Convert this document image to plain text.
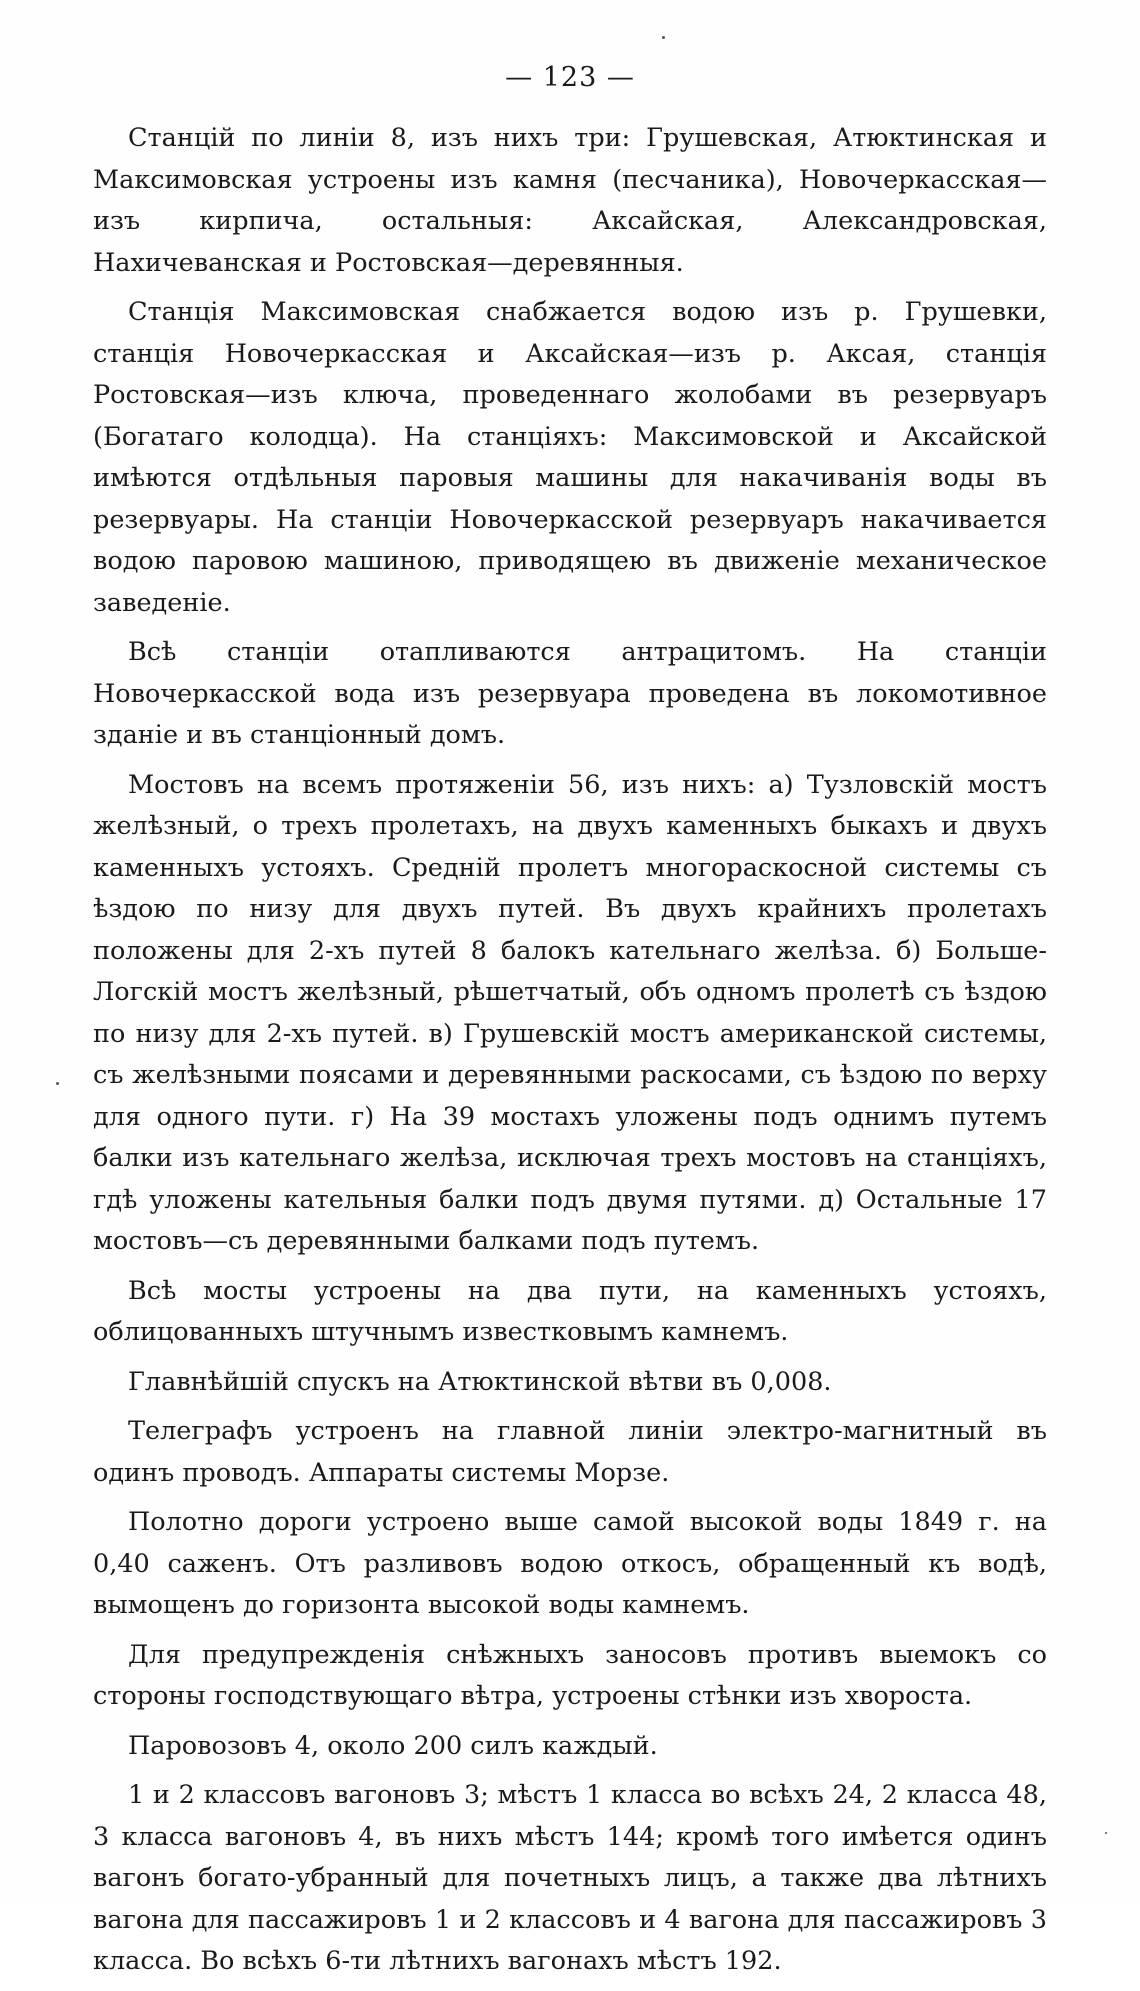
— 123 —

Станцій по линіи 8, изъ нихъ три: Грушевская, Атюктинская и Максимовская устроены изъ камня (песчаника), Новочеркасская—изъ кирпича, остальныя: Аксайская, Александровская, Нахичеванская и Ростовская—деревянныя.

Станція Максимовская снабжается водою изъ р. Грушевки, станція Новочеркасская и Аксайская—изъ р. Аксая, станція Ростовская—изъ ключа, проведеннаго жолобами въ резервуаръ (Богатаго колодца). На станціяхъ: Максимовской и Аксайской имѣются отдѣльныя паровыя машины для накачиванія воды въ резервуары. На станціи Новочеркасской резервуаръ накачивается водою паровою машиною, приводящею въ движеніе механическое заведеніе.

Всѣ станціи отапливаются антрацитомъ. На станціи Новочеркасской вода изъ резервуара проведена въ локомотивное зданіе и въ станціонный домъ.

Мостовъ на всемъ протяженіи 56, изъ нихъ: а) Тузловскій мостъ желѣзный, о трехъ пролетахъ, на двухъ каменныхъ быкахъ и двухъ каменныхъ устояхъ. Средній пролетъ многораскосной системы съ ѣздою по низу для двухъ путей. Въ двухъ крайнихъ пролетахъ положены для 2-хъ путей 8 балокъ кательнаго желѣза. б) Больше-Логскій мостъ желѣзный, рѣшетчатый, объ одномъ пролетѣ съ ѣздою по низу для 2-хъ путей. в) Грушевскій мостъ американской системы, съ желѣзными поясами и деревянными раскосами, съ ѣздою по верху для одного пути. г) На 39 мостахъ уложены подъ однимъ путемъ балки изъ кательнаго желѣза, исключая трехъ мостовъ на станціяхъ, гдѣ уложены кательныя балки подъ двумя путями. д) Остальные 17 мостовъ—съ деревянными балками подъ путемъ.

Всѣ мосты устроены на два пути, на каменныхъ устояхъ, облицованныхъ штучнымъ известковымъ камнемъ.

Главнѣйшій спускъ на Атюктинской вѣтви въ 0,008.

Телеграфъ устроенъ на главной линіи электро-магнитный въ одинъ проводъ. Аппараты системы Морзе.

Полотно дороги устроено выше самой высокой воды 1849 г. на 0,40 саженъ. Отъ разливовъ водою откосъ, обращенный къ водѣ, вымощенъ до горизонта высокой воды камнемъ.

Для предупрежденія снѣжныхъ заносовъ противъ выемокъ со стороны господствующаго вѣтра, устроены стѣнки изъ хвороста.

Паровозовъ 4, около 200 силъ каждый.

1 и 2 классовъ вагоновъ 3; мѣстъ 1 класса во всѣхъ 24, 2 класса 48, 3 класса вагоновъ 4, въ нихъ мѣстъ 144; кромѣ того имѣется одинъ вагонъ богато-убранный для почетныхъ лицъ, а также два лѣтнихъ вагона для пассажировъ 1 и 2 классовъ и 4 вагона для пассажировъ 3 класса. Во всѣхъ 6-ти лѣтнихъ вагонахъ мѣстъ 192.
